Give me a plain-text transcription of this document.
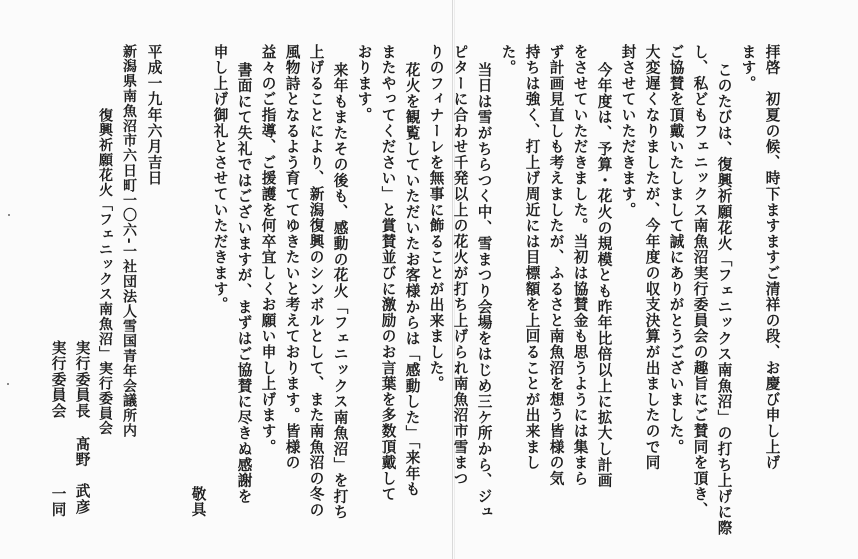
拝啓　初夏の候、時下ますますご清祥の段、お慶び申し上げ
ます。
このたびは、復興祈願花火「フェニックス南魚沼」の打ち上げに際
し、私どもフェニックス南魚沼実行委員会の趣旨にご賛同を頂き、
ご協賛を頂戴いたしまして誠にありがとうございました。
大変遅くなりましたが、今年度の収支決算が出ましたので同
封させていただきます。
今年度は、予算・花火の規模とも昨年比倍以上に拡大し計画
をさせていただきました。当初は協賛金も思うようには集まら
ず計画見直しも考えましたが、ふるさと南魚沼を想う皆様の気
持ちは強く、打上げ周近には目標額を上回ることが出来まし
た。
当日は雪がちらつく中、雪まつり会場をはじめ三ケ所から、ジュ
ピターに合わせ千発以上の花火が打ち上げられ南魚沼市雪まつ
りのフィナーレを無事に飾ることが出来ました。
花火を観覧していただいたお客様からは「感動した」「来年も
またやってください」と賞賛並びに激励のお言葉を多数頂戴して
おります。
来年もまたその後も、感動の花火「フェニックス南魚沼」を打ち
上げることにより、新潟復興のシンボルとして、また南魚沼の冬の
風物詩となるよう育ててゆきたいと考えております。皆様の
益々のご指導、ご援護を何卒宜しくお願い申し上げます。
書面にて失礼ではございますが、まずはご協賛に尽きぬ感謝を
申し上げ御礼とさせていただきます。
敬具
平成一九年六月吉日
新潟県南魚沼市六日町一〇六-一社団法人雪国青年会議所内
復興祈願花火「フェニックス南魚沼」実行委員会
実行委員長
髙野　武彦
実行委員会
一同
